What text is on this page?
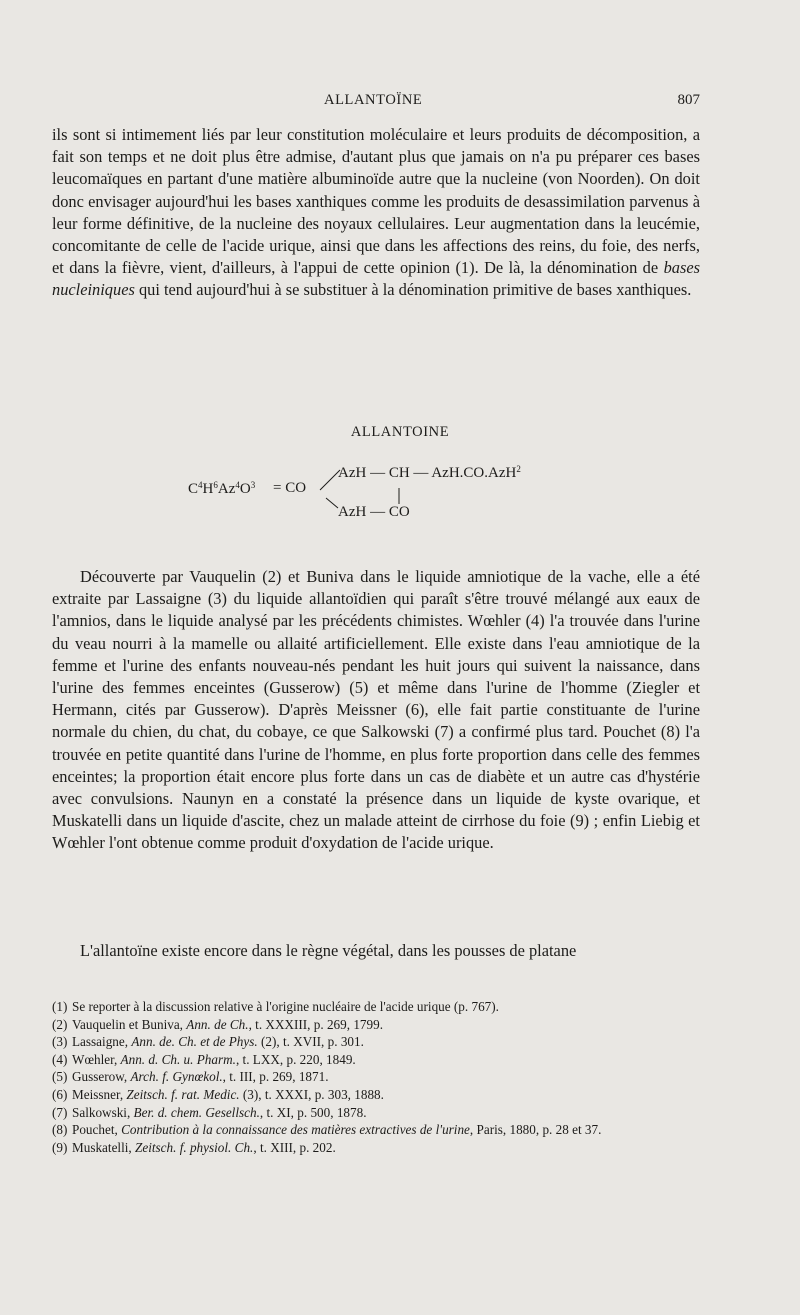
ALLANTOÏNE	807

ils sont si intimement liés par leur constitution moléculaire et leurs produits de décomposition, a fait son temps et ne doit plus être admise, d'autant plus que jamais on n'a pu préparer ces bases leucomaïques en partant d'une matière albuminoïde autre que la nucleine (von Noorden). On doit donc envisager aujourd'hui les bases xanthiques comme les produits de desassimilation parvenus à leur forme définitive, de la nucleine des noyaux cellulaires. Leur augmentation dans la leucémie, concomitante de celle de l'acide urique, ainsi que dans les affections des reins, du foie, des nerfs, et dans la fièvre, vient, d'ailleurs, à l'appui de cette opinion (1). De là, la dénomination de bases nucleiniques qui tend aujourd'hui à se substituer à la dénomination primitive de bases xanthiques.

ALLANTOINE
$C^4H^6Az^4O^3$ = CO
AzH — CH — AzH.CO.AzH$^2$
AzH — CO

Découverte par Vauquelin (2) et Buniva dans le liquide amniotique de la vache, elle a été extraite par Lassaigne (3) du liquide allantoïdien qui paraît s'être trouvé mélangé aux eaux de l'amnios, dans le liquide analysé par les précédents chimistes. Wœhler (4) l'a trouvée dans l'urine du veau nourri à la mamelle ou allaité artificiellement. Elle existe dans l'eau amniotique de la femme et l'urine des enfants nouveau-nés pendant les huit jours qui suivent la naissance, dans l'urine des femmes enceintes (Gusserow) (5) et même dans l'urine de l'homme (Ziegler et Hermann, cités par Gusserow). D'après Meissner (6), elle fait partie constituante de l'urine normale du chien, du chat, du cobaye, ce que Salkowski (7) a confirmé plus tard. Pouchet (8) l'a trouvée en petite quantité dans l'urine de l'homme, en plus forte proportion dans celle des femmes enceintes; la proportion était encore plus forte dans un cas de diabète et un autre cas d'hystérie avec convulsions. Naunyn en a constaté la présence dans un liquide de kyste ovarique, et Muskatelli dans un liquide d'ascite, chez un malade atteint de cirrhose du foie (9) ; enfin Liebig et Wœhler l'ont obtenue comme produit d'oxydation de l'acide urique.

L'allantoïne existe encore dans le règne végétal, dans les pousses de platane

(1) Se reporter à la discussion relative à l'origine nucléaire de l'acide urique (p. 767).

(2) Vauquelin et Buniva, Ann. de Ch., t. XXXIII, p. 269, 1799.

(3) Lassaigne, Ann. de. Ch. et de Phys. (2), t. XVII, p. 301.

(4) Wœhler, Ann. d. Ch. u. Pharm., t. LXX, p. 220, 1849.

(5) Gusserow, Arch. f. Gynœkol., t. III, p. 269, 1871.

(6) Meissner, Zeitsch. f. rat. Medic. (3), t. XXXI, p. 303, 1888.

(7) Salkowski, Ber. d. chem. Gesellsch., t. XI, p. 500, 1878.

(8) Pouchet, Contribution à la connaissance des matières extractives de l'urine, Paris, 1880, p. 28 et 37.

(9) Muskatelli, Zeitsch. f. physiol. Ch., t. XIII, p. 202.
